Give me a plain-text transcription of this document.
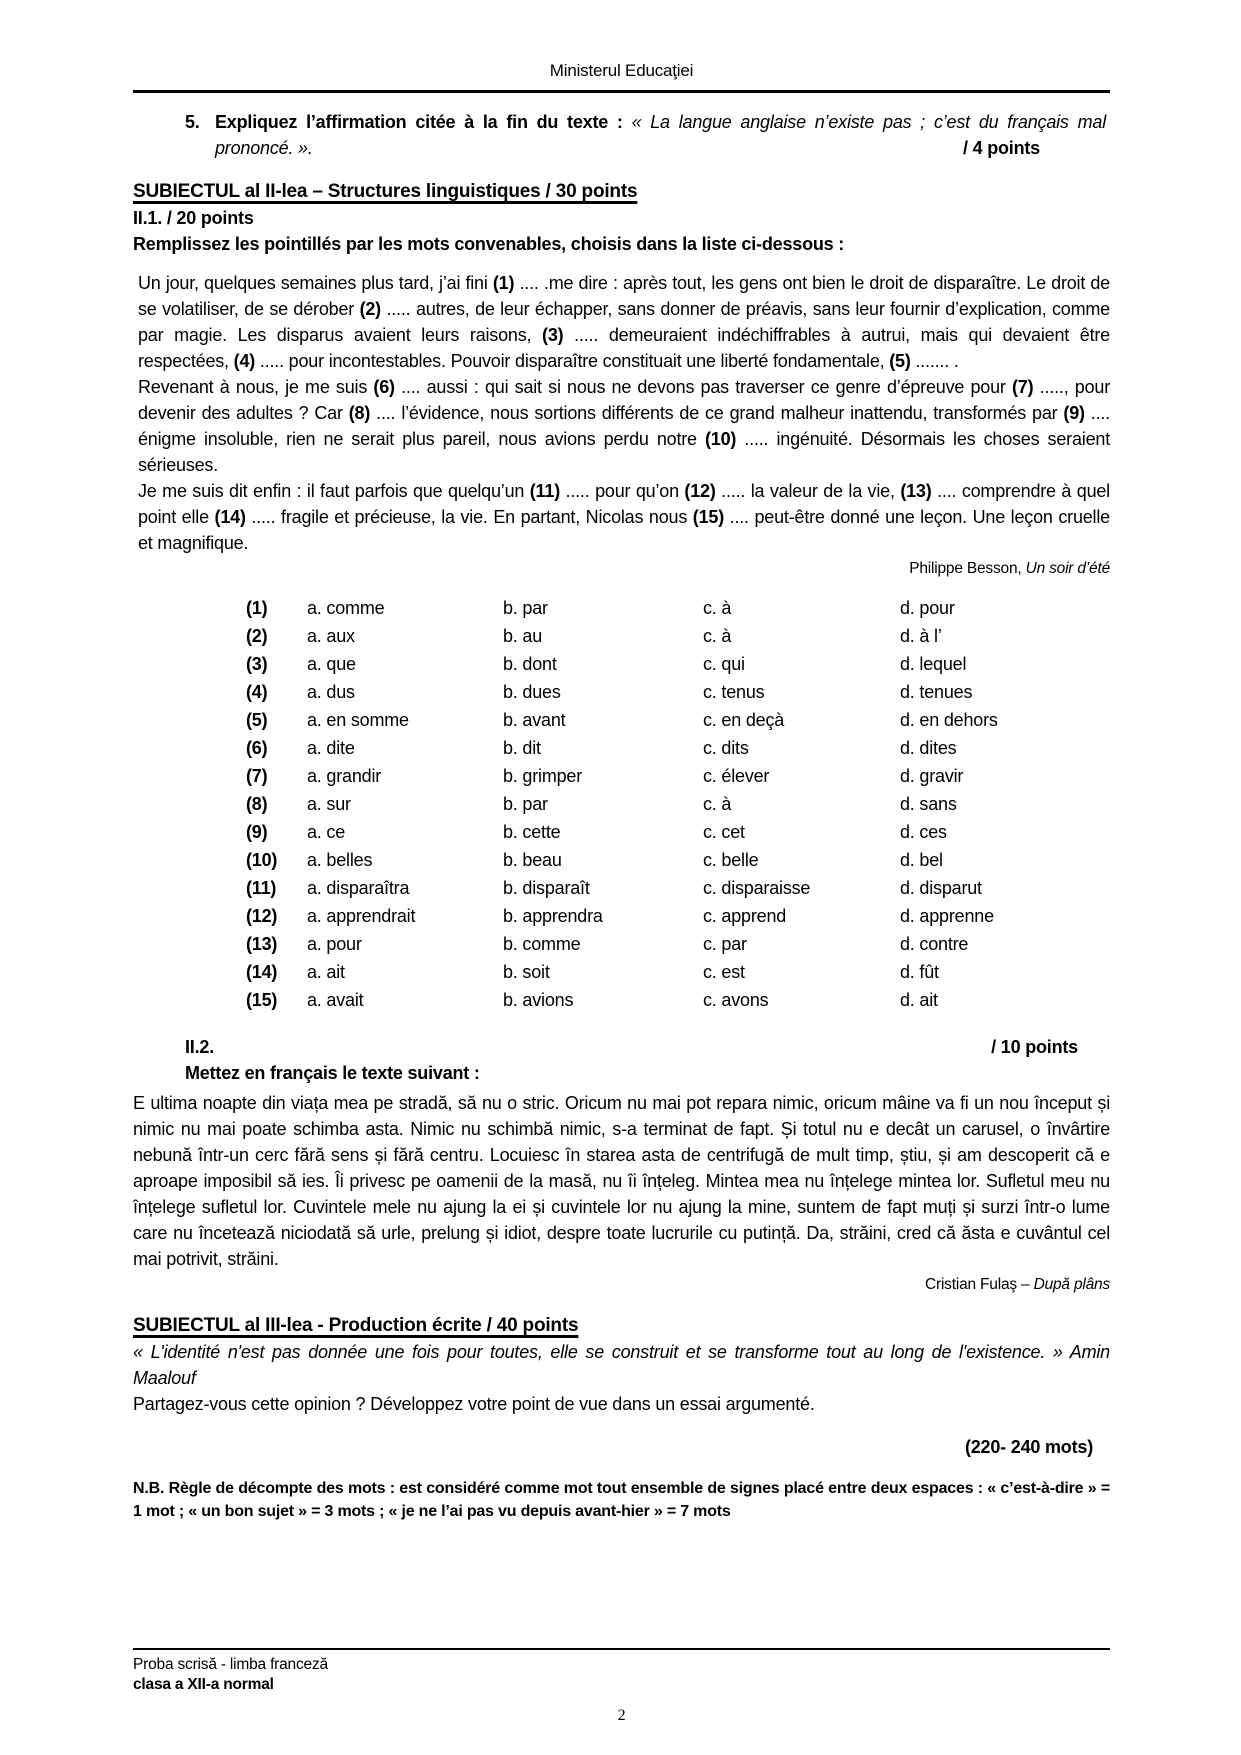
Ministerul Educaţiei
5. Expliquez l’affirmation citée à la fin du texte : « La langue anglaise n’existe pas ; c’est du français mal prononcé. ».	/ 4 points
SUBIECTUL al II-lea – Structures linguistiques / 30 points
II.1. / 20 points
Remplissez les pointillés par les mots convenables, choisis dans la liste ci-dessous :

Un jour, quelques semaines plus tard, j’ai fini (1) .... .me dire : après tout, les gens ont bien le droit de disparaître. Le droit de se volatiliser, de se dérober (2) ..... autres, de leur échapper, sans donner de préavis, sans leur fournir d’explication, comme par magie. Les disparus avaient leurs raisons, (3) ..... demeuraient indéchiffrables à autrui, mais qui devaient être respectées, (4) ..... pour incontestables. Pouvoir disparaître constituait une liberté fondamentale, (5) ....... .

Revenant à nous, je me suis (6) .... aussi : qui sait si nous ne devons pas traverser ce genre d’épreuve pour (7) ....., pour devenir des adultes ? Car (8) .... l’évidence, nous sortions différents de ce grand malheur inattendu, transformés par (9) .... énigme insoluble, rien ne serait plus pareil, nous avions perdu notre (10) ..... ingénuité. Désormais les choses seraient sérieuses.

Je me suis dit enfin : il faut parfois que quelqu’un (11) ..... pour qu’on (12) ..... la valeur de la vie, (13) .... comprendre à quel point elle (14) ..... fragile et précieuse, la vie. En partant, Nicolas nous (15) .... peut-être donné une leçon. Une leçon cruelle et magnifique.

Philippe Besson, Un soir d’été
(1)	a. comme	b. par	c. à	d. pour
(2)	a. aux	b. au	c. à	d. à l’
(3)	a. que	b. dont	c. qui	d. lequel
(4)	a. dus	b. dues	c. tenus	d. tenues
(5)	a. en somme	b. avant	c. en deçà	d. en dehors
(6)	a. dite	b. dit	c. dits	d. dites
(7)	a. grandir	b. grimper	c. élever	d. gravir
(8)	a. sur	b. par	c. à	d. sans
(9)	a. ce	b. cette	c. cet	d. ces
(10)	a. belles	b. beau	c. belle	d. bel
(11)	a. disparaîtra	b. disparaît	c. disparaisse	d. disparut
(12)	a. apprendrait	b. apprendra	c. apprend	d. apprenne
(13)	a. pour	b. comme	c. par	d. contre
(14)	a. ait	b. soit	c. est	d. fût
(15)	a. avait	b. avions	c. avons	d. ait
II.2.	/ 10 points
Mettez en français le texte suivant :

E ultima noapte din viața mea pe stradă, să nu o stric. Oricum nu mai pot repara nimic, oricum mâine va fi un nou început și nimic nu mai poate schimba asta. Nimic nu schimbă nimic, s-a terminat de fapt. Și totul nu e decât un carusel, o învârtire nebună într-un cerc fără sens și fără centru. Locuiesc în starea asta de centrifugă de mult timp, știu, și am descoperit că e aproape imposibil să ies. Îi privesc pe oamenii de la masă, nu îi înțeleg. Mintea mea nu înțelege mintea lor. Sufletul meu nu înțelege sufletul lor. Cuvintele mele nu ajung la ei și cuvintele lor nu ajung la mine, suntem de fapt muți și surzi într-o lume care nu încetează niciodată să urle, prelung și idiot, despre toate lucrurile cu putință. Da, străini, cred că ăsta e cuvântul cel mai potrivit, străini.

Cristian Fulaş – După plâns
SUBIECTUL al III-lea - Production écrite / 40 points

« L'identité n'est pas donnée une fois pour toutes, elle se construit et se transforme tout au long de l'existence. » Amin Maalouf

Partagez-vous cette opinion ? Développez votre point de vue dans un essai argumenté.

(220- 240 mots)
N.B. Règle de décompte des mots : est considéré comme mot tout ensemble de signes placé entre deux espaces : « c’est-à-dire » = 1 mot ; « un bon sujet » = 3 mots ; « je ne l’ai pas vu depuis avant-hier » = 7 mots
Proba scrisă - limba franceză
clasa a XII-a normal
2
